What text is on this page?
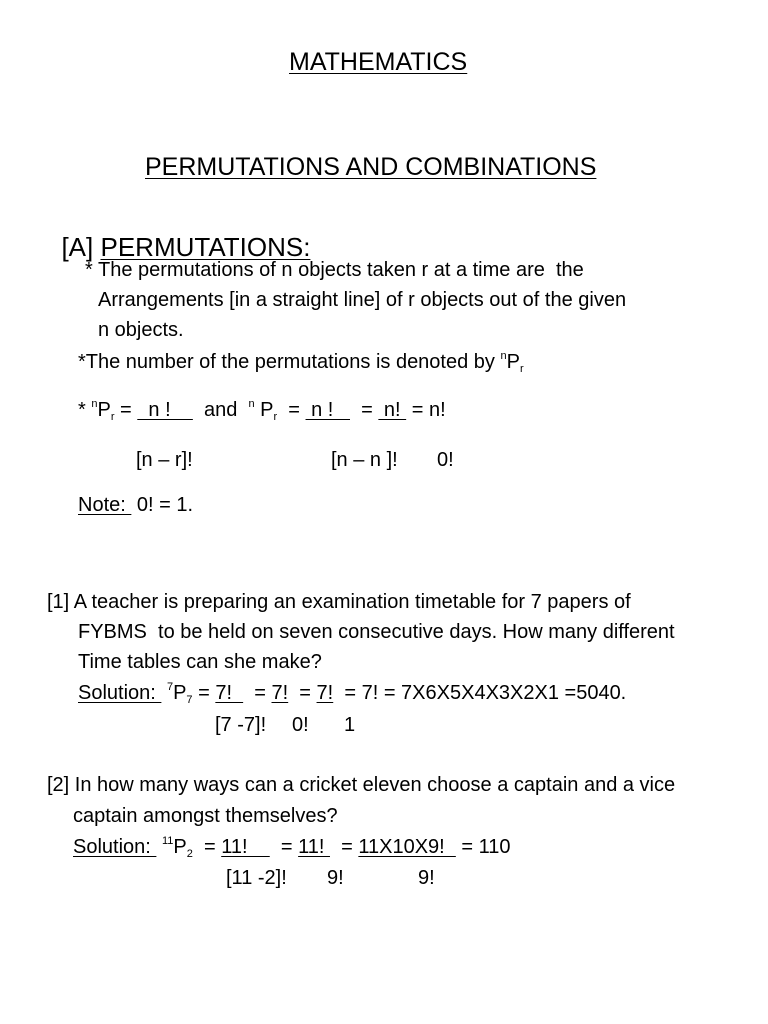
MATHEMATICS
PERMUTATIONS AND COMBINATIONS

[A] PERMUTATIONS:

* The permutations of n objects taken r at a time are  the
Arrangements [in a straight line] of r objects out of the given
n objects.
*The number of the permutations is denoted by $^nP_r$
* $^nP_r = n$ !      and  $^n$ $P_r = n$ !     =  n!  = n!
[n – r]!	[n – n ]! 0!
Note:  0! = 1.
[1] A teacher is preparing an examination timetable for 7 papers of
FYBMS  to be held on seven consecutive days. How many different
Time tables can she make?
Solution:  $^7P_7 = 7$!    = 7!  = 7!  = 7! = 7X6X5X4X3X2X1 =5040.
[7 -7]! 0! 1
[2] In how many ways can a cricket eleven choose a captain and a vice
captain amongst themselves?
Solution:  $^{11}P_2 = 11$!      = 11!   = 11X10X9!   = 110
[11 -2]! 9!	9!
